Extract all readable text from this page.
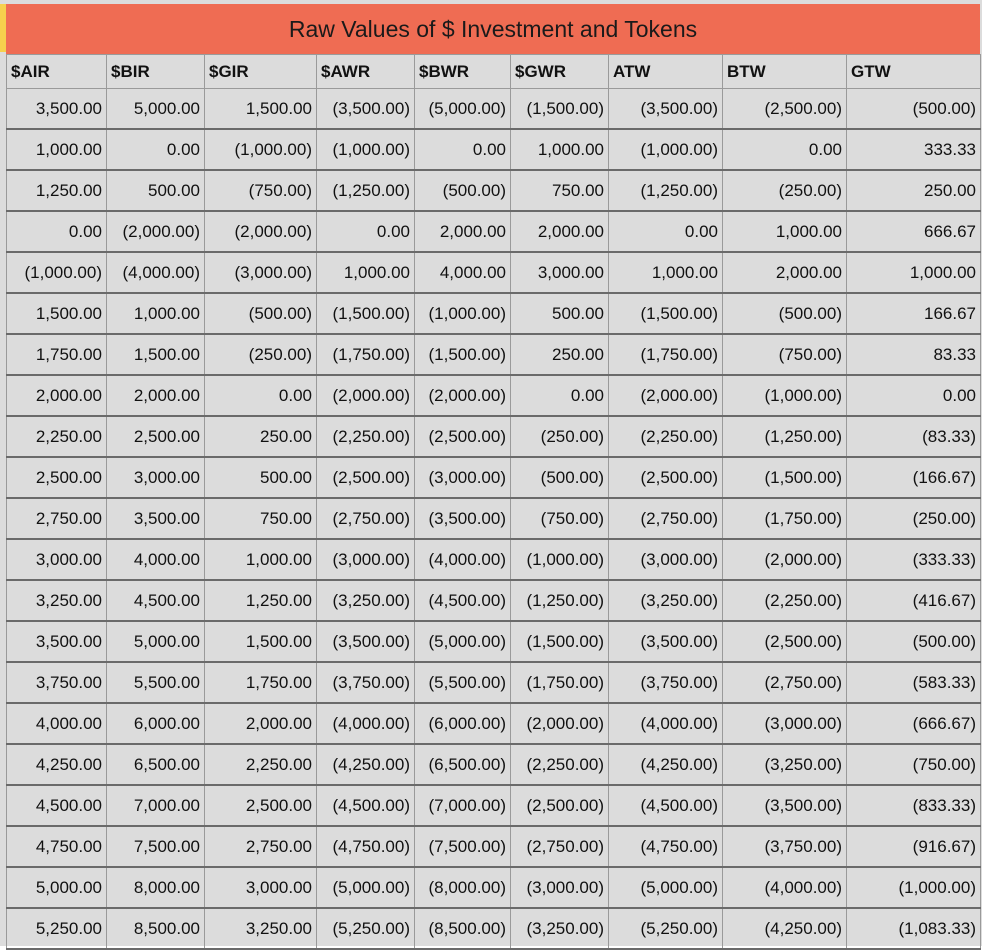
Raw Values of $ Investment and Tokens
$AIR	$BIR	$GIR	$AWR	$BWR	$GWR	ATW	BTW	GTW
3,500.00	5,000.00	1,500.00	(3,500.00)	(5,000.00)	(1,500.00)	(3,500.00)	(2,500.00)	(500.00)
1,000.00	0.00	(1,000.00)	(1,000.00)	0.00	1,000.00	(1,000.00)	0.00	333.33
1,250.00	500.00	(750.00)	(1,250.00)	(500.00)	750.00	(1,250.00)	(250.00)	250.00
0.00	(2,000.00)	(2,000.00)	0.00	2,000.00	2,000.00	0.00	1,000.00	666.67
(1,000.00)	(4,000.00)	(3,000.00)	1,000.00	4,000.00	3,000.00	1,000.00	2,000.00	1,000.00
1,500.00	1,000.00	(500.00)	(1,500.00)	(1,000.00)	500.00	(1,500.00)	(500.00)	166.67
1,750.00	1,500.00	(250.00)	(1,750.00)	(1,500.00)	250.00	(1,750.00)	(750.00)	83.33
2,000.00	2,000.00	0.00	(2,000.00)	(2,000.00)	0.00	(2,000.00)	(1,000.00)	0.00
2,250.00	2,500.00	250.00	(2,250.00)	(2,500.00)	(250.00)	(2,250.00)	(1,250.00)	(83.33)
2,500.00	3,000.00	500.00	(2,500.00)	(3,000.00)	(500.00)	(2,500.00)	(1,500.00)	(166.67)
2,750.00	3,500.00	750.00	(2,750.00)	(3,500.00)	(750.00)	(2,750.00)	(1,750.00)	(250.00)
3,000.00	4,000.00	1,000.00	(3,000.00)	(4,000.00)	(1,000.00)	(3,000.00)	(2,000.00)	(333.33)
3,250.00	4,500.00	1,250.00	(3,250.00)	(4,500.00)	(1,250.00)	(3,250.00)	(2,250.00)	(416.67)
3,500.00	5,000.00	1,500.00	(3,500.00)	(5,000.00)	(1,500.00)	(3,500.00)	(2,500.00)	(500.00)
3,750.00	5,500.00	1,750.00	(3,750.00)	(5,500.00)	(1,750.00)	(3,750.00)	(2,750.00)	(583.33)
4,000.00	6,000.00	2,000.00	(4,000.00)	(6,000.00)	(2,000.00)	(4,000.00)	(3,000.00)	(666.67)
4,250.00	6,500.00	2,250.00	(4,250.00)	(6,500.00)	(2,250.00)	(4,250.00)	(3,250.00)	(750.00)
4,500.00	7,000.00	2,500.00	(4,500.00)	(7,000.00)	(2,500.00)	(4,500.00)	(3,500.00)	(833.33)
4,750.00	7,500.00	2,750.00	(4,750.00)	(7,500.00)	(2,750.00)	(4,750.00)	(3,750.00)	(916.67)
5,000.00	8,000.00	3,000.00	(5,000.00)	(8,000.00)	(3,000.00)	(5,000.00)	(4,000.00)	(1,000.00)
5,250.00	8,500.00	3,250.00	(5,250.00)	(8,500.00)	(3,250.00)	(5,250.00)	(4,250.00)	(1,083.33)
